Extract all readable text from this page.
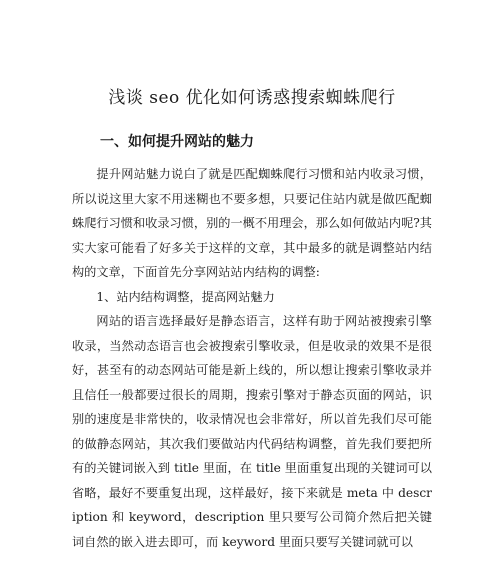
浅谈 seo 优化如何诱惑搜索蜘蛛爬行
一、如何提升网站的魅力

提升网站魅力说白了就是匹配蜘蛛爬行习惯和站内收录习惯，所以说这里大家不用迷糊也不要多想，只要记住站内就是做匹配蜘蛛爬行习惯和收录习惯，别的一概不用理会，那么如何做站内呢?其实大家可能看了好多关于这样的文章，其中最多的就是调整站内结构的文章，下面首先分享网站站内结构的调整:

1、站内结构调整，提高网站魅力

网站的语言选择最好是静态语言，这样有助于网站被搜索引擎收录，当然动态语言也会被搜索引擎收录，但是收录的效果不是很好，甚至有的动态网站可能是新上线的，所以想让搜索引擎收录并且信任一般都要过很长的周期，搜索引擎对于静态页面的网站，识别的速度是非常快的，收录情况也会非常好，所以首先我们尽可能的做静态网站，其次我们要做站内代码结构调整，首先我们要把所有的关键词嵌入到 title 里面，在 title 里面重复出现的关键词可以省略，最好不要重复出现，这样最好，接下来就是 meta 中 description 和 keyword，description 里只要写公司简介然后把关键词自然的嵌入进去即可，而 keyword 里面只要写关键词就可以
